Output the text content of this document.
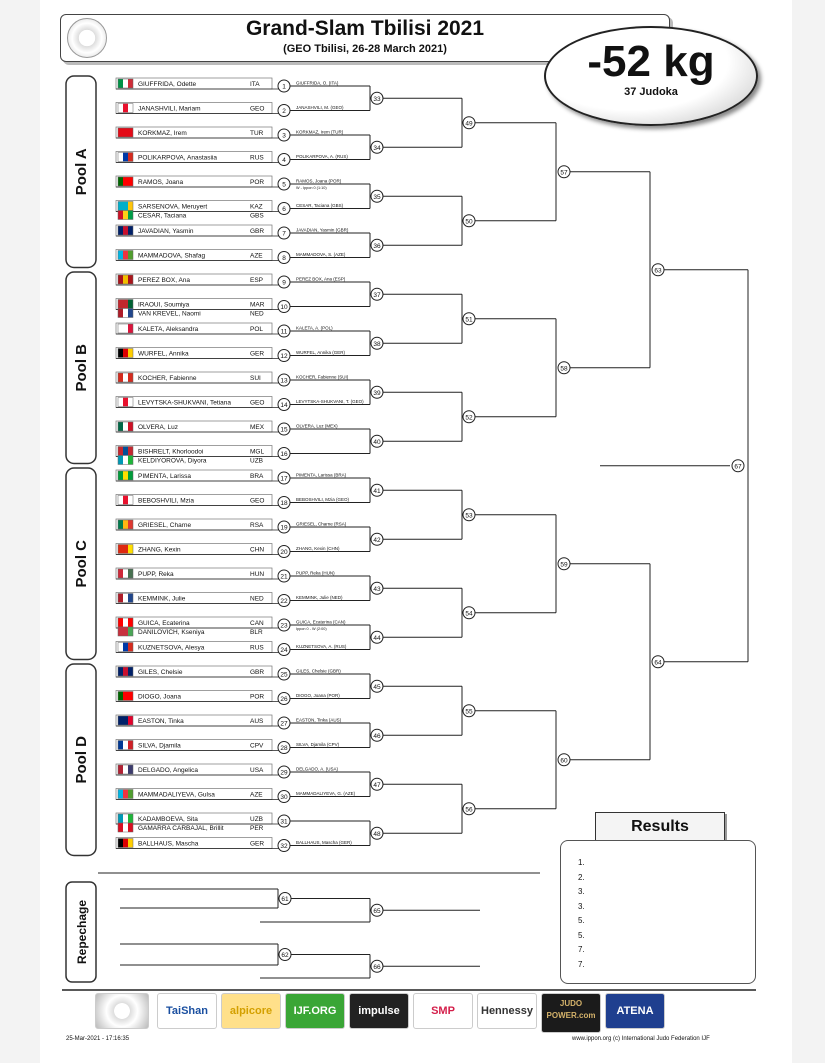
Grand-Slam Tbilisi 2021
(GEO Tbilisi, 26-28 March 2021)	-52 kg
37 Judoka
Pool A
Pool B
Pool C
Pool D
GIUFFRIDA, Odette	ITA	1
JANASHVILI, Mariam	GEO	2
KORKMAZ, Irem	TUR	3
POLIKARPOVA, Anastasiia	RUS	4
RAMOS, Joana	POR	5
SARSENOVA, Meruyert	KAZ	6
CESAR, Taciana	GBS
JAVADIAN, Yasmin	GBR	7
MAMMADOVA, Shafag	AZE	8
PEREZ BOX, Ana	ESP	9
IRAOUI, Soumiya	MAR 10
VAN KREVEL, Naomi	NED
KALETA, Aleksandra	POL	11
WURFEL, Annika	GER	12
KOCHER, Fabienne	SUI	13
LEVYTSKA-SHUKVANI, Tetiana	GEO 14
OLVERA, Luz	MEX	15
BISHRELT, Khorloodoi	MGL	16
KELDIYOROVA, Diyora	UZB
PIMENTA, Larissa	BRA	17
BEBOSHVILI, Mzia	GEO 18
GRIESEL, Charne	RSA	19
ZHANG, Kexin	CHN	20
PUPP, Reka	HUN	21
KEMMINK, Julie	NED	22
GUICA, Ecaterina	CAN	23
DANILOVICH, Kseniya	BLR
KUZNETSOVA, Alesya	RUS	24
GILES, Chelsie	GBR	25
DIOGO, Joana	POR	26
EASTON, Tinka	AUS	27
SILVA, Djamila	CPV	28
DELGADO, Angelica	USA	29
MAMMADALIYEVA, Gulsa	AZE	30
KADAMBOEVA, Sita	UZB	31
GAMARRA CARBAJAL, Brillit	PER
BALLHAUS, Mascha	GER	32
GIUFFRIDA, O. (ITA)
JANASHVILI, M. (GEO)
33
KORKMAZ, Irem (TUR)
POLIKARPOVA, A. (RUS)
34
RAMOS, Joana (POR)
CESAR, Taciana (GBS)
W - Ippon 0 (1:10)
35
JAVADIAN, Yasmin (GBR)
MAMMADOVA, S. (AZE)
36
PEREZ BOX, Ana (ESP)
37
KALETA, A. (POL)
WURFEL, Annika (GER)
38
KOCHER, Fabienne (SUI)
LEVYTSKA-SHUKVANI, T. (GEO)
39
OLVERA, Luz (MEX)
40
PIMENTA, Larissa (BRA)
BEBOSHVILI, Mzia (GEO)
41
GRIESEL, Charne (RSA)
ZHANG, Kexin (CHN)
42
PUPP, Reka (HUN)
KEMMINK, Julie (NED)
43
GUICA, Ecaterina (CAN)
KUZNETSOVA, A. (RUS)
Ippon 0 - W (2:00)
44
GILES, Chelsie (GBR)
DIOGO, Joana (POR)
45
EASTON, Tinka (AUS)
SILVA, Djamila (CPV)
46
DELGADO, A. (USA)
MAMMADALIYEVA, G. (AZE)
47
BALLHAUS, Mascha (GER)
48
49
50
51
52
53
54
55
56
57
58
59
60
63
64
67
Repechage
61
65
62
66
Results
1.
2.
3.
3.
5.
5.
7.
7.
TaiShan	alpicore	IJF.ORG	impulse	SMP	Hennessy
JUDO POWER.com	ATENA
25-Mar-2021 - 17:16:35	www.ippon.org (c) International Judo Federation IJF
